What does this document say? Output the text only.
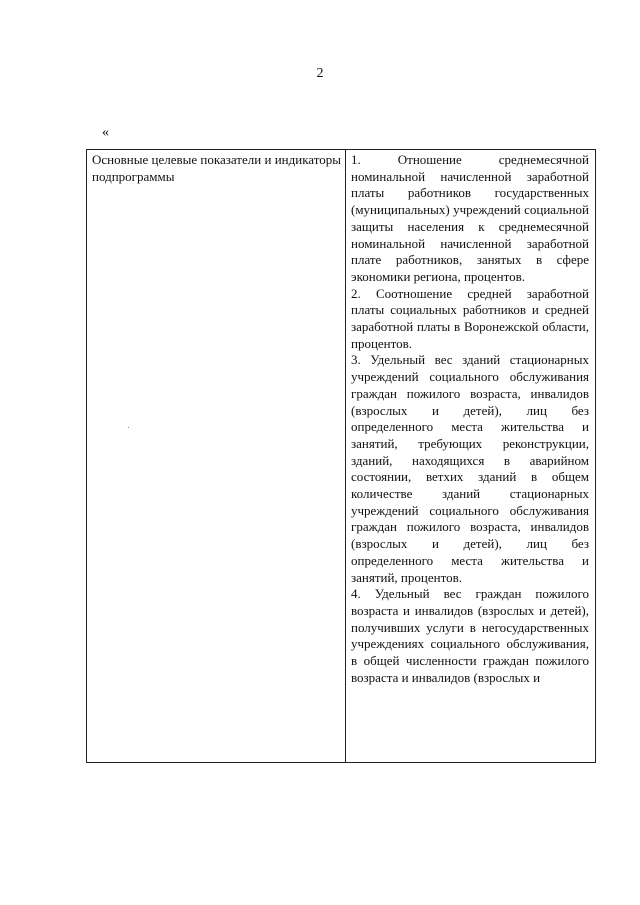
2
«
Основные целевые показатели и индикаторы подпрограммы

1. Отношение среднемесячной номинальной начисленной заработной платы работников государственных (муниципальных) учреждений социальной защиты населения к среднемесячной номинальной начисленной заработной плате работников, занятых в сфере экономики региона, процентов.

2. Соотношение средней заработной платы социальных работников и средней заработной платы в Воронежской области, процентов.

3. Удельный вес зданий стационарных учреждений социального обслуживания граждан пожилого возраста, инвалидов (взрослых и детей), лиц без определенного места жительства и занятий, требующих реконструкции, зданий, находящихся в аварийном состоянии, ветхих зданий в общем количестве зданий стационарных учреждений социального обслуживания граждан пожилого возраста, инвалидов (взрослых и детей), лиц без определенного места жительства и занятий, процентов.

4. Удельный вес граждан пожилого возраста и инвалидов (взрослых и детей), получивших услуги в негосударственных учреждениях социального обслуживания, в общей численности граждан пожилого возраста и инвалидов (взрослых и
